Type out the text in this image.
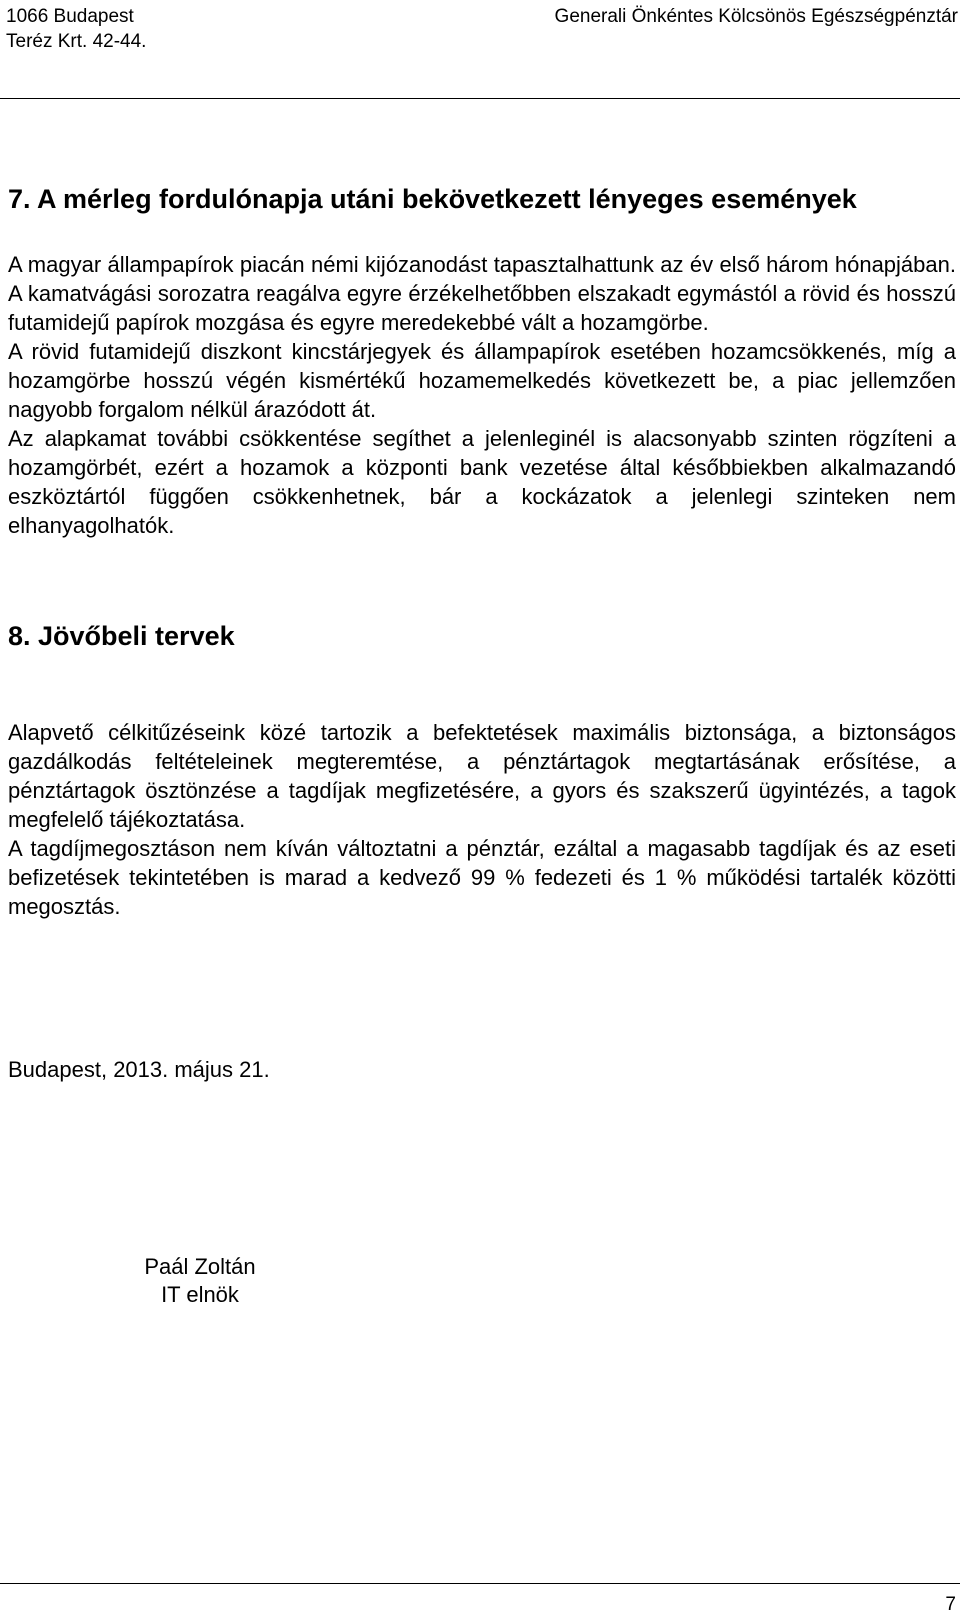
1066 Budapest
Teréz Krt. 42-44.
Generali Önkéntes Kölcsönös Egészségpénztár
7. A mérleg fordulónapja utáni bekövetkezett lényeges események

A magyar állampapírok piacán némi kijózanodást tapasztalhattunk az év első három hónapjában. A kamatvágási sorozatra reagálva egyre érzékelhetőbben elszakadt egymástól a rövid és hosszú futamidejű papírok mozgása és egyre meredekebbé vált a hozamgörbe.

A rövid futamidejű diszkont kincstárjegyek és állampapírok esetében hozamcsökkenés, míg a hozamgörbe hosszú végén kismértékű hozamemelkedés következett be, a piac jellemzően nagyobb forgalom nélkül árazódott át.

Az alapkamat további csökkentése segíthet a jelenleginél is alacsonyabb szinten rögzíteni a hozamgörbét, ezért a hozamok a központi bank vezetése által későbbiekben alkalmazandó eszköztártól függően csökkenhetnek, bár a kockázatok a jelenlegi szinteken nem elhanyagolhatók.

8. Jövőbeli tervek

Alapvető célkitűzéseink közé tartozik a befektetések maximális biztonsága, a biztonságos gazdálkodás feltételeinek megteremtése, a pénztártagok megtartásának erősítése, a pénztártagok ösztönzése a tagdíjak megfizetésére, a gyors és szakszerű ügyintézés, a tagok megfelelő tájékoztatása.

A tagdíjmegosztáson nem kíván változtatni a pénztár, ezáltal a magasabb tagdíjak és az eseti befizetések tekintetében is marad a kedvező 99 % fedezeti és 1 % működési tartalék közötti megosztás.

Budapest, 2013. május 21.
Paál Zoltán
IT elnök
7
